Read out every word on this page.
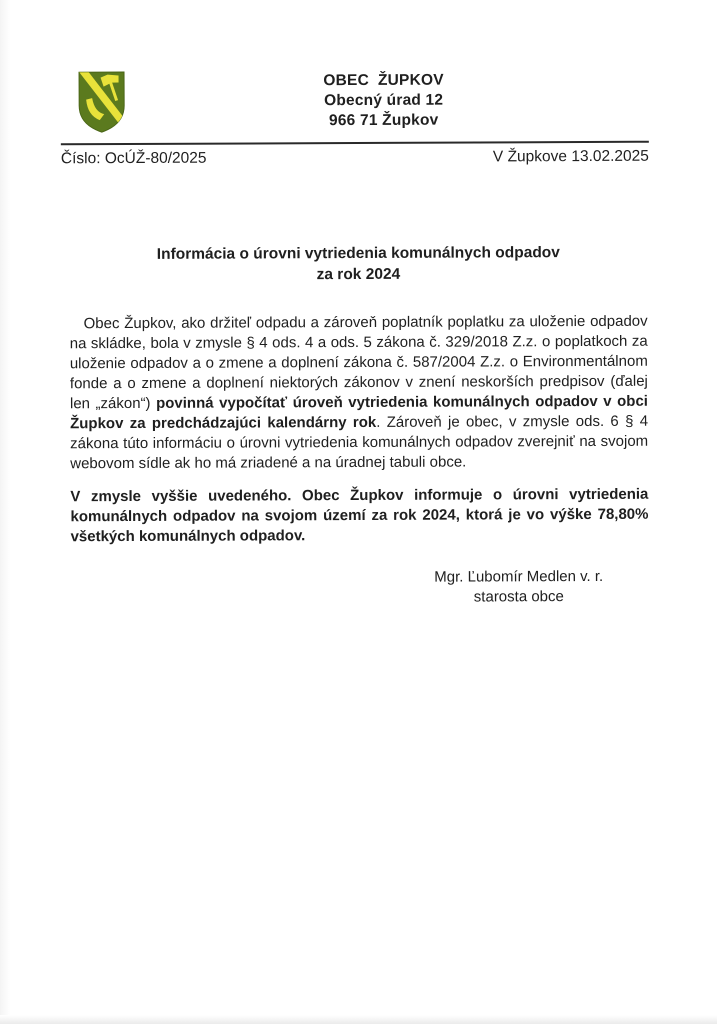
OBEC  ŽUPKOV
Obecný úrad 12
966 71 Župkov
Číslo: OcÚŽ-80/2025	V Župkove 13.02.2025
Informácia o úrovni vytriedenia komunálnych odpadov
za rok 2024

Obec Župkov, ako držiteľ odpadu a zároveň poplatník poplatku za uloženie odpadov na skládke, bola v zmysle § 4 ods. 4 a ods. 5 zákona č. 329/2018 Z.z. o poplatkoch za uloženie odpadov a o zmene a doplnení zákona č. 587/2004 Z.z. o Environmentálnom fonde a o zmene a doplnení niektorých zákonov v znení neskorších predpisov (ďalej len „zákon“) povinná vypočítať úroveň vytriedenia komunálnych odpadov v obci Župkov za predchádzajúci kalendárny rok. Zároveň je obec, v zmysle ods. 6 § 4 zákona túto informáciu o úrovni vytriedenia komunálnych odpadov zverejniť na svojom webovom sídle ak ho má zriadené a na úradnej tabuli obce.

V zmysle vyššie uvedeného. Obec Župkov informuje o úrovni vytriedenia komunálnych odpadov na svojom území za rok 2024, ktorá je vo výške 78,80% všetkých komunálnych odpadov.

Mgr. Ľubomír Medlen v. r.
starosta obce
